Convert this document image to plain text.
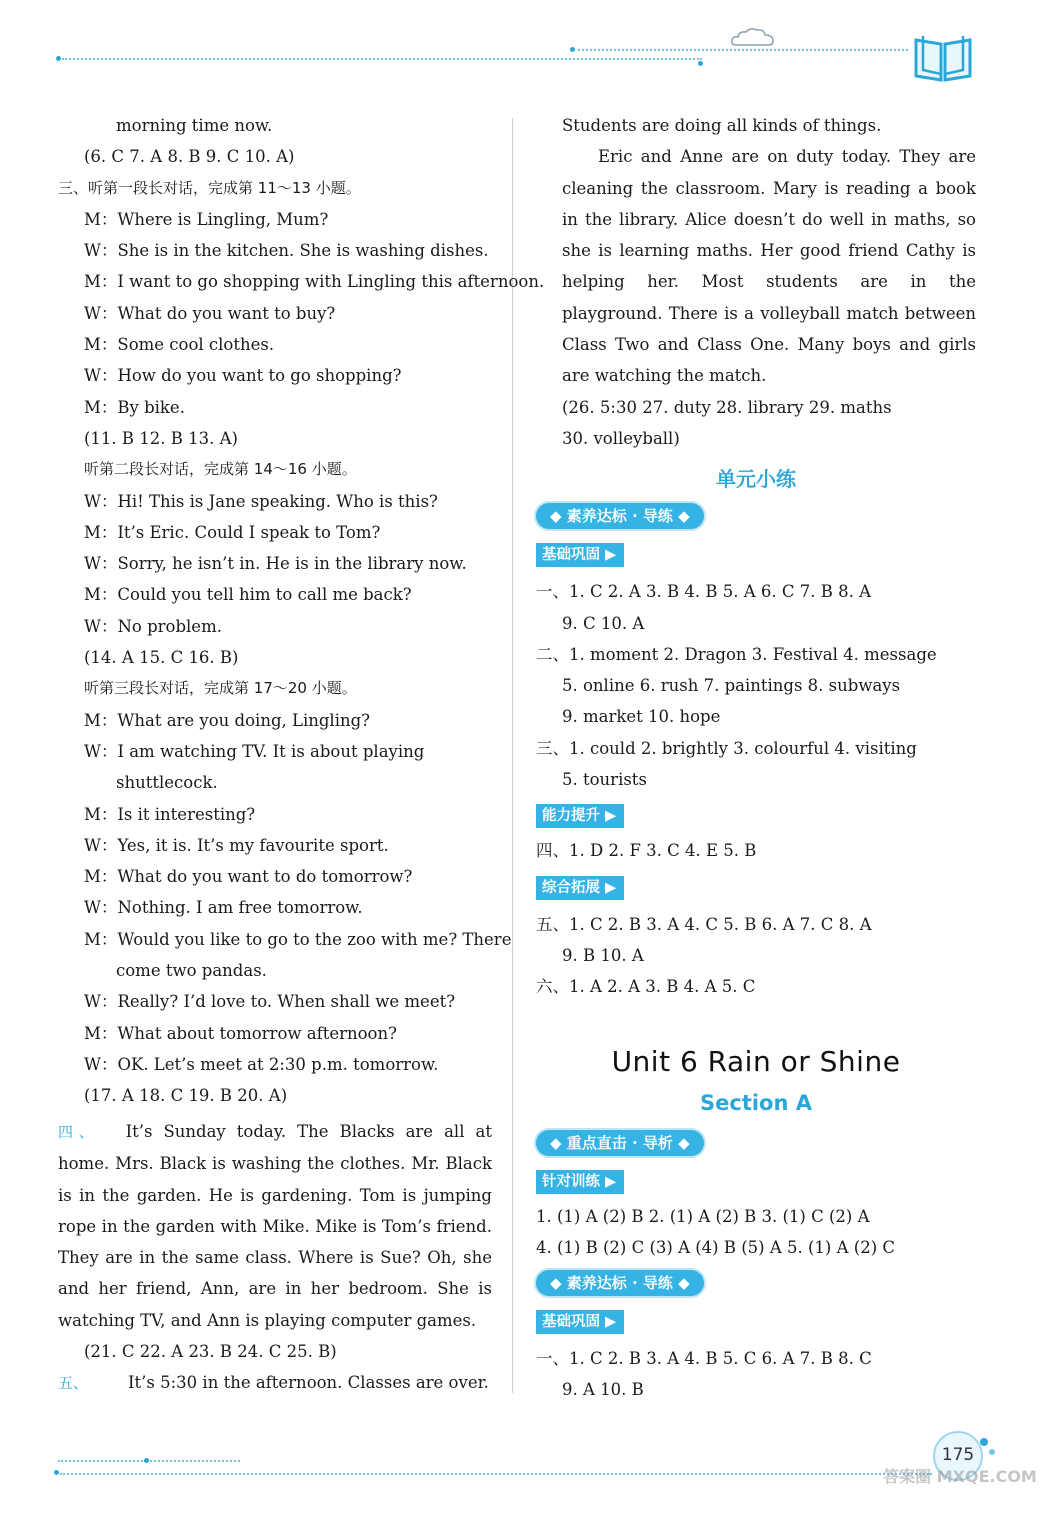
morning time now.
(6. C 7. A 8. B 9. C 10. A)
三、听第一段长对话，完成第 11～13 小题。
M：Where is Lingling, Mum?
W：She is in the kitchen. She is washing dishes.
M：I want to go shopping with Lingling this afternoon.
W：What do you want to buy?
M：Some cool clothes.
W：How do you want to go shopping?
M：By bike.
(11. B 12. B 13. A)
听第二段长对话，完成第 14～16 小题。
W：Hi! This is Jane speaking. Who is this?
M：It’s Eric. Could I speak to Tom?
W：Sorry, he isn’t in. He is in the library now.
M：Could you tell him to call me back?
W：No problem.
(14. A 15. C 16. B)
听第三段长对话，完成第 17～20 小题。
M：What are you doing, Lingling?
W：I am watching TV. It is about playing
shuttlecock.
M：Is it interesting?
W：Yes, it is. It’s my favourite sport.
M：What do you want to do tomorrow?
W：Nothing. I am free tomorrow.
M：Would you like to go to the zoo with me? There
come two pandas.
W：Really? I’d love to. When shall we meet?
M：What about tomorrow afternoon?
W：OK. Let’s meet at 2:30 p.m. tomorrow.
(17. A 18. C 19. B 20. A)
四、 It’s Sunday today. The Blacks are all at home. Mrs. Black is washing the clothes. Mr. Black is in the garden. He is gardening. Tom is jumping rope in the garden with Mike. Mike is Tom’s friend. They are in the same class. Where is Sue? Oh, she and her friend, Ann, are in her bedroom. She is watching TV, and Ann is playing computer games.
(21. C 22. A 23. B 24. C 25. B)
五、 It’s 5:30 in the afternoon. Classes are over.
Students are doing all kinds of things.
Eric and Anne are on duty today. They are cleaning the classroom. Mary is reading a book in the library. Alice doesn’t do well in maths, so she is learning maths. Her good friend Cathy is helping her. Most students are in the playground. There is a volleyball match between Class Two and Class One. Many boys and girls are watching the match.
(26. 5:30 27. duty 28. library 29. maths
30. volleyball)
单元小练
◆ 素养达标 · 导练 ◆
基础巩固 ▶
一、1. C 2. A 3. B 4. B 5. A 6. C 7. B 8. A
9. C 10. A
二、1. moment 2. Dragon 3. Festival 4. message
5. online 6. rush 7. paintings 8. subways
9. market 10. hope
三、1. could 2. brightly 3. colourful 4. visiting
5. tourists
能力提升 ▶
四、1. D 2. F 3. C 4. E 5. B
综合拓展 ▶
五、1. C 2. B 3. A 4. C 5. B 6. A 7. C 8. A
9. B 10. A
六、1. A 2. A 3. B 4. A 5. C
Unit 6 Rain or Shine
Section A
◆ 重点直击 · 导析 ◆
针对训练 ▶
1. (1) A (2) B 2. (1) A (2) B 3. (1) C (2) A
4. (1) B (2) C (3) A (4) B (5) A 5. (1) A (2) C
◆ 素养达标 · 导练 ◆
基础巩固 ▶
一、1. C 2. B 3. A 4. B 5. C 6. A 7. B 8. C
9. A 10. B
175
答案圈 MXQE.COM
